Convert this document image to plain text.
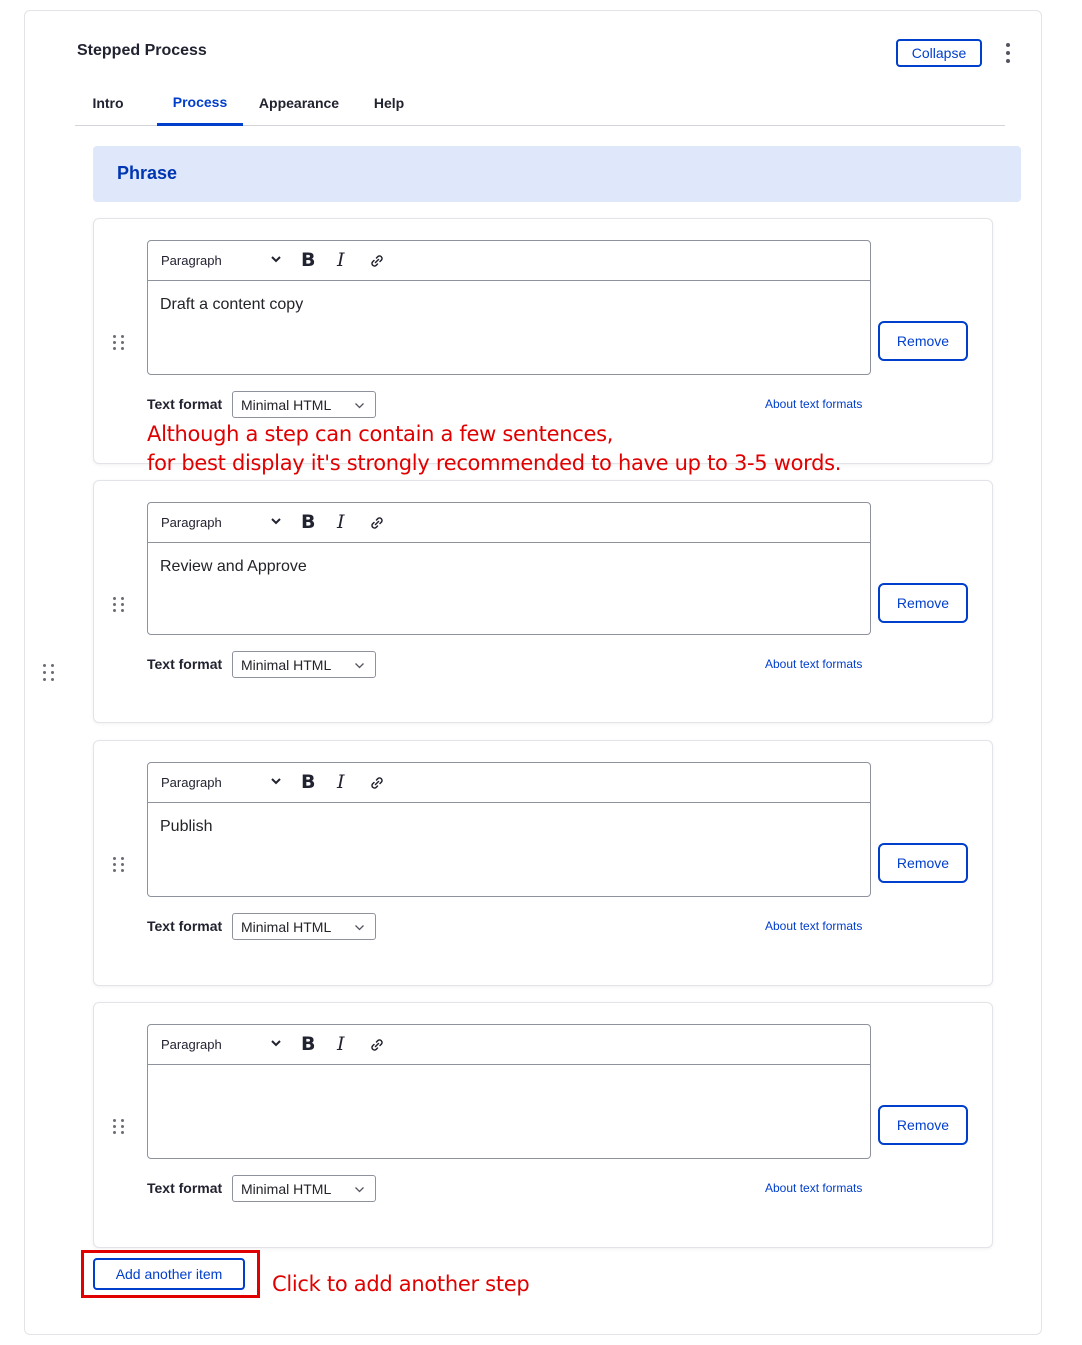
Stepped Process	Collapse
Intro	Process	Appearance	Help
Phrase
Paragraph	B I
Draft a content copy
Remove
Text format	Minimal HTML	About text formats
Paragraph	B I
Review and Approve
Remove
Text format	Minimal HTML	About text formats
Paragraph	B I
Publish
Remove
Text format	Minimal HTML	About text formats
Paragraph	B I
Remove
Text format	Minimal HTML	About text formats
Although a step can contain a few sentences,
for best display it's strongly recommended to have up to 3-5 words.
Add another item	Click to add another step
